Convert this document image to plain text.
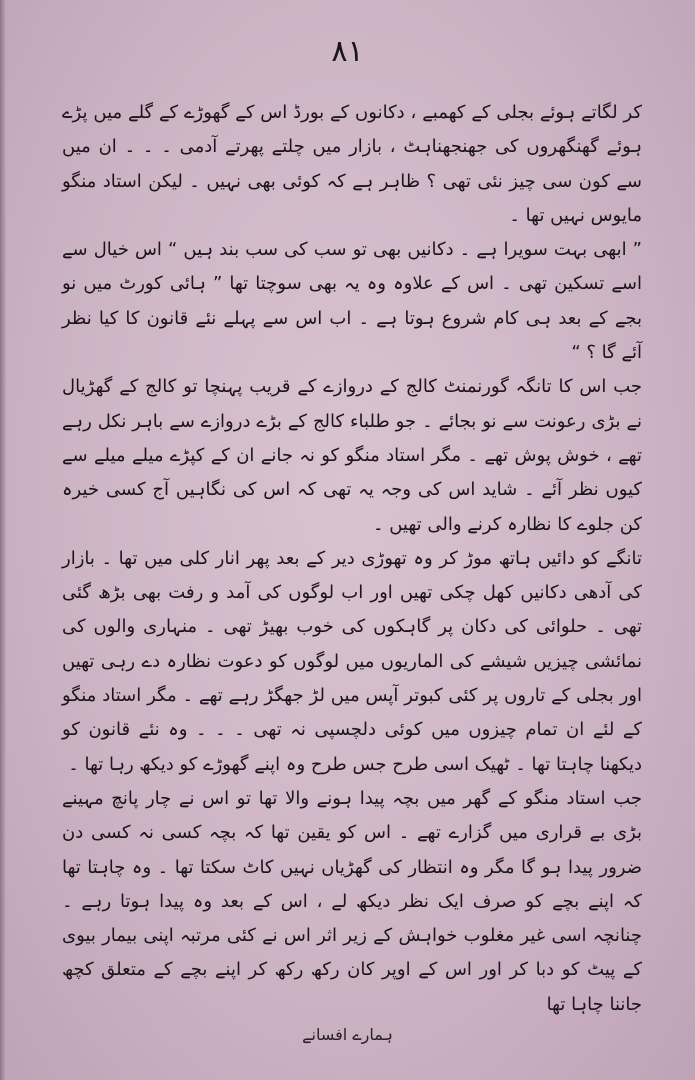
۸۱

کر لگاتے ہوئے بجلی کے کھمبے ، دکانوں کے بورڈ اس کے گھوڑے کے گلے میں پڑے ہوئے گھنگھروں کی جھنجھناہٹ ، بازار میں چلتے پھرتے آدمی ۔ ۔ ۔ ان میں سے کون سی چیز نئی تھی ؟ ظاہر ہے کہ کوئی بھی نہیں ۔ لیکن استاد منگو مایوس نہیں تھا ۔

” ابھی بہت سویرا ہے ۔ دکانیں بھی تو سب کی سب بند ہیں “ اس خیال سے اسے تسکین تھی ۔ اس کے علاوہ وہ یہ بھی سوچتا تھا ” ہائی کورٹ میں نو بجے کے بعد ہی کام شروع ہوتا ہے ۔ اب اس سے پہلے نئے قانون کا کیا نظر آئے گا ؟ “

جب اس کا تانگہ گورنمنٹ کالج کے دروازے کے قریب پہنچا تو کالج کے گھڑیال نے بڑی رعونت سے نو بجائے ۔ جو طلباء کالج کے بڑے دروازے سے باہر نکل رہے تھے ، خوش پوش تھے ۔ مگر استاد منگو کو نہ جانے ان کے کپڑے میلے میلے سے کیوں نظر آئے ۔ شاید اس کی وجہ یہ تھی کہ اس کی نگاہیں آج کسی خیرہ کن جلوے کا نظارہ کرنے والی تھیں ۔

تانگے کو دائیں ہاتھ موڑ کر وہ تھوڑی دیر کے بعد پھر انار کلی میں تھا ۔ بازار کی آدھی دکانیں کھل چکی تھیں اور اب لوگوں کی آمد و رفت بھی بڑھ گئی تھی ۔ حلوائی کی دکان پر گاہکوں کی خوب بھیڑ تھی ۔ منہاری والوں کی نمائشی چیزیں شیشے کی الماریوں میں لوگوں کو دعوت نظارہ دے رہی تھیں اور بجلی کے تاروں پر کئی کبوتر آپس میں لڑ جھگڑ رہے تھے ۔ مگر استاد منگو کے لئے ان تمام چیزوں میں کوئی دلچسپی نہ تھی ۔ ۔ ۔ وہ نئے قانون کو دیکھنا چاہتا تھا ۔ ٹھیک اسی طرح جس طرح وہ اپنے گھوڑے کو دیکھ رہا تھا ۔

جب استاد منگو کے گھر میں بچہ پیدا ہونے والا تھا تو اس نے چار پانچ مہینے بڑی بے قراری میں گزارے تھے ۔ اس کو یقین تھا کہ بچہ کسی نہ کسی دن ضرور پیدا ہو گا مگر وہ انتظار کی گھڑیاں نہیں کاٹ سکتا تھا ۔ وہ چاہتا تھا کہ اپنے بچے کو صرف ایک نظر دیکھ لے ، اس کے بعد وہ پیدا ہوتا رہے ۔ چنانچہ اسی غیر مغلوب خواہش کے زیر اثر اس نے کئی مرتبہ اپنی بیمار بیوی کے پیٹ کو دبا کر اور اس کے اوپر کان رکھ رکھ کر اپنے بچے کے متعلق کچھ جاننا چاہا تھا

ہمارے افسانے
